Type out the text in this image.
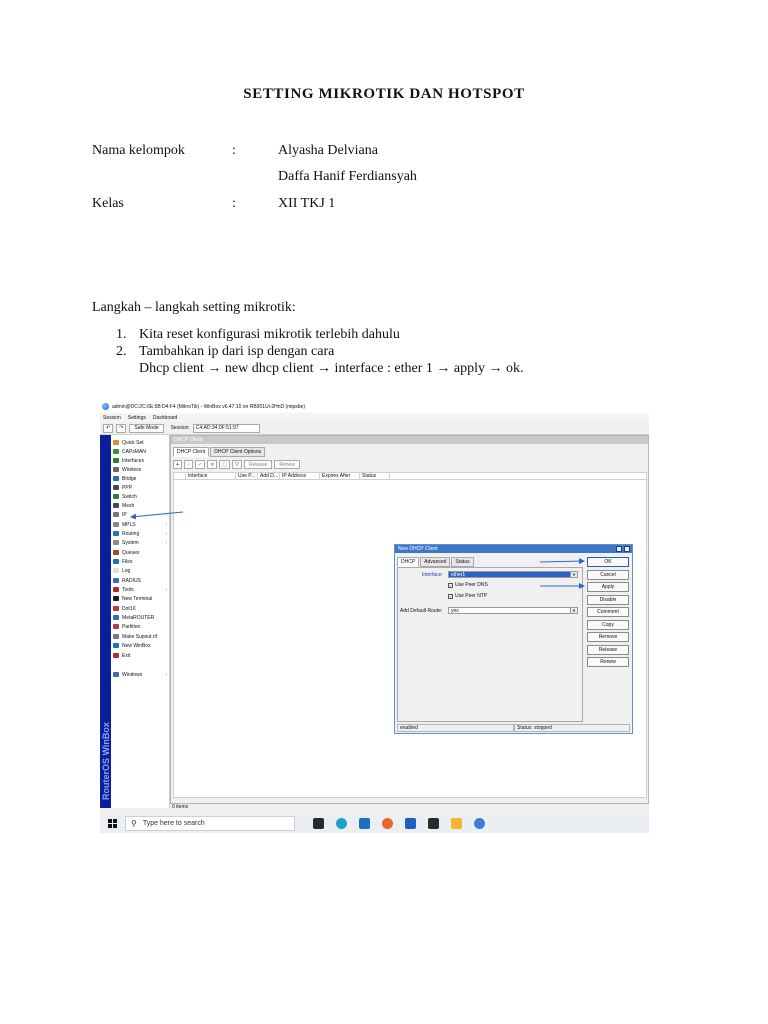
SETTING MIKROTIK DAN HOTSPOT
Nama kelompok	:	Alyasha Delviana
Daffa Hanif Ferdiansyah
Kelas	:	XII TKJ 1
Langkah – langkah setting mikrotik:
1. Kita reset konfigurasi mikrotik terlebih dahulu
2. Tambahkan ip dari isp dengan cara
Dhcp client → new dhcp client → interface : ether 1 → apply → ok.
admin@DC:2C:6E:5B:D4:F4 (MikroTik) - WinBox v6.47.10 on RB951Ui-2HnD (mipsbe)
Session Settings Dashboard
↶	↷	Safe Mode	Session:	C4:AD:34:0F:51:97
RouterOS WinBox
Quick Set
CAPsMAN
Interfaces
Wireless
Bridge
PPP
Switch
Mesh
IP	›
MPLS	›
Routing	›
System	›
Queues
Files
Log
RADIUS
Tools	›
New Terminal
Dot1X
MetaROUTER
Partition
Make Supout.rif
New WinBox
Exit
Windows	›
DHCP Client
DHCP Client	DHCP Client Options
+	−	✔	✖	▢	▽	Release	Renew
Interface	Use P... Add D... IP Address	Expires After	Status
New DHCP Client
DHCP	Advanced	Status
Interface:	ether1	▼
✓ Use Peer DNS
✓ Use Peer NTP
Add Default Route:	yes	▼
OK
Cancel
Apply
Disable
Comment
Copy
Remove
Release
Renew
enabled	Status: stopped
0 items
⚲ Type here to search
